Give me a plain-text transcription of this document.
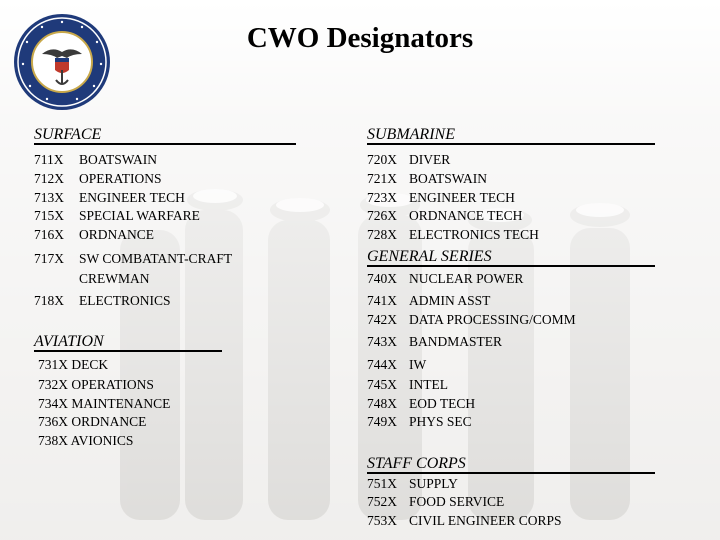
CWO Designators
SURFACE
711X BOATSWAIN
712X OPERATIONS
713X ENGINEER TECH
715X SPECIAL WARFARE
716X ORDNANCE
717X SW COMBATANT-CRAFT
CREWMAN
718X ELECTRONICS
AVIATION
731X DECK
732X OPERATIONS
734X MAINTENANCE
736X ORDNANCE
738X AVIONICS
SUBMARINE
720X DIVER
721X BOATSWAIN
723X ENGINEER TECH
726X ORDNANCE TECH
728X ELECTRONICS TECH
GENERAL SERIES
740X NUCLEAR POWER
741X ADMIN ASST
742X DATA PROCESSING/COMM
743X BANDMASTER
744X IW
745X INTEL
748X EOD TECH
749X PHYS SEC
STAFF CORPS
751X SUPPLY
752X FOOD SERVICE
753X CIVIL ENGINEER CORPS
